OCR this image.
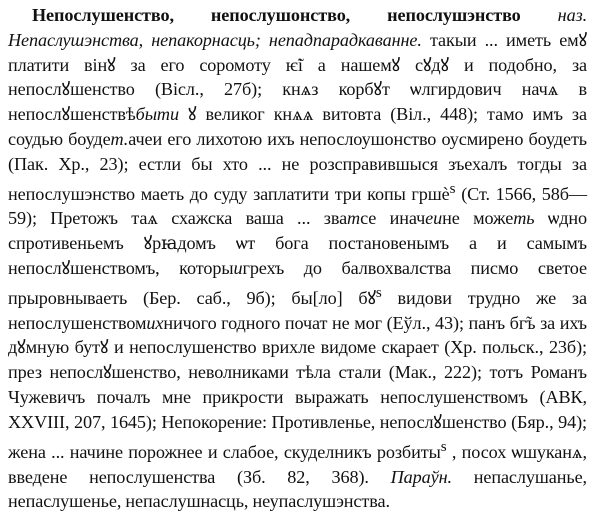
Непослушенство, непослушонство, непослушэнство наз. Непаслушэнства, непакорнасць; непадпарадкаванне. такыи ... иметь емꙋ платити вінꙋ за его соромоту ѥ̃і а нашемꙋ сꙋдꙋ и подобно, за непослꙋшенство (Вісл., 27б); кнѧз корбꙋт ѡлгирдович начѧ в непослꙋшенствѣбыти ꙋ великог кнѧѧ витовта (Віл., 448); тамо имъ за соудью боудет.ачеи его лихотою ихъ непослоушонство оусмирено боудеть (Пак. Хр., 23); естли бы хто ... не розсправившыся зъехалъ тогды за непослушэнство маеть до суду заплатити три копы гршѐ$^s$ (Ст. 1566, 58б—59); Претожъ таѧ схажска ваша ... зватсе иначеине можеть ѡдно спротивеньемъ ꙋрꙗдомъ ѡт бога постановенымъ а и самымъ непослꙋшенствомъ, которыигрехъ до балвохвалства писмо светое прыровнываеть (Бер. саб., 9б); бы[ло] бꙋ$^s$ видови трудно же за непослушенствомихничого годного почат не мог (Еўл., 43); панъ бг̃ъ за ихъ дꙋмную бутꙋ и непослушенство врихле видоме скарает (Хр. польск., 23б); през непослꙋшенство, неволниками тѣла стали (Мак., 222); тотъ Романъ Чужевичъ почалъ мне прикрости выражать непослушенствомъ (АВК, XXVIII, 207, 1645); Непокорение: Противленье, непослꙋшенство (Бяр., 94); жена ... начине порожнее и слабое, скуделникъ розбиты$^s$ , посох ѡшуканѧ, введене непослушенства (Зб. 82, 368). Параўн. непаслушаньe, непаслушенье, непаслушнасць, неупаслушэнства.
